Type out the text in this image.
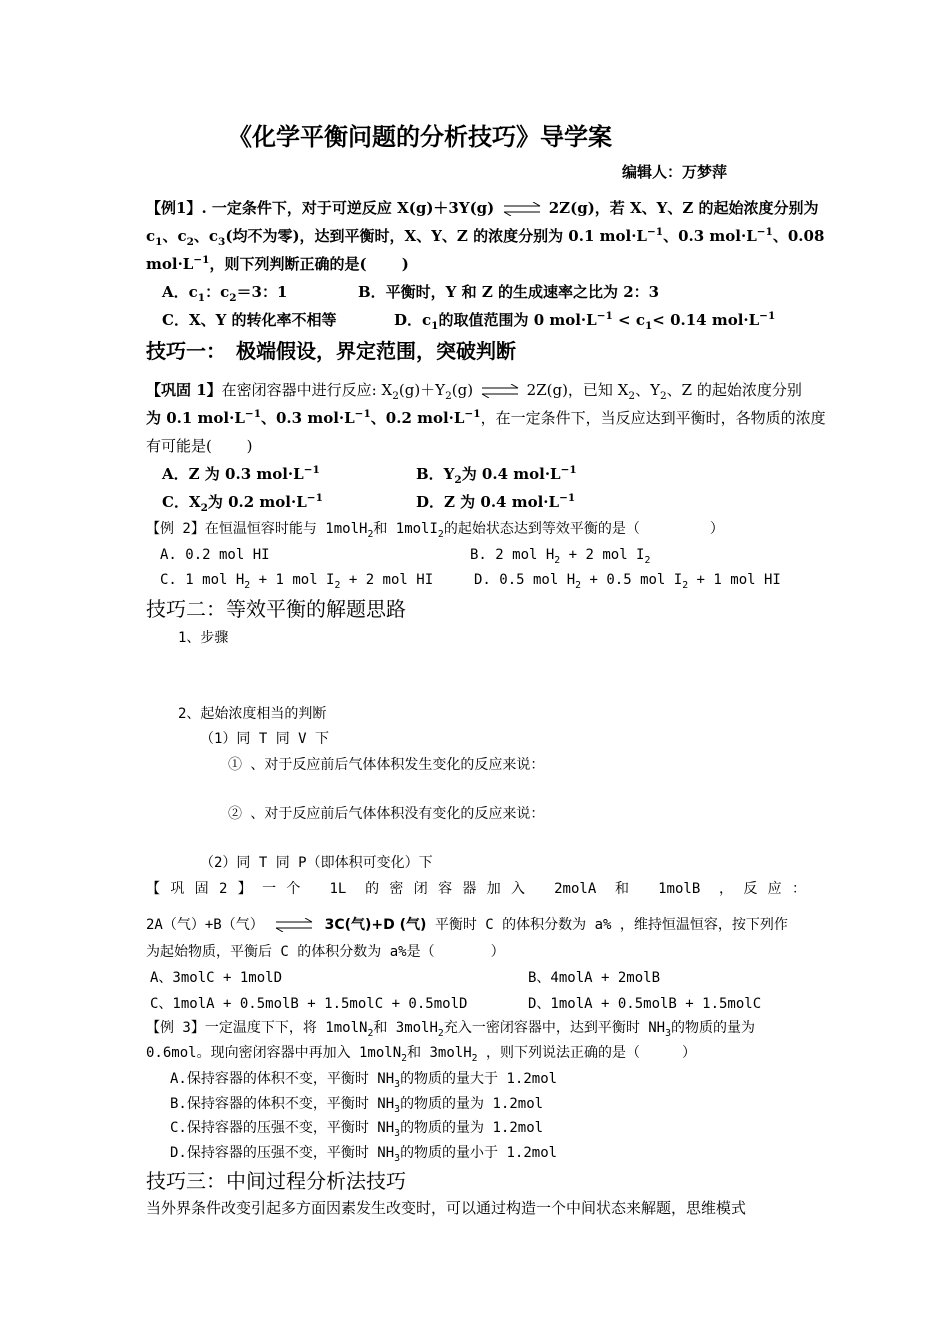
《化学平衡问题的分析技巧》导学案
编辑人：万梦萍
【例1】. 一定条件下，对于可逆反应 X(g)＋3Y(g) ⇌ 2Z(g)，若 X、Y、Z 的起始浓度分别为
$c_1$、$c_2$、$c_3$(均不为零)，达到平衡时，X、Y、Z 的浓度分别为 0.1 $mol\cdot L^{-1}$、0.3 $mol\cdot L^{-1}$、0.08
$mol\cdot L^{-1}$，则下列判断正确的是(　　 )
A．$c_1$：$c_2=3$：1	B．平衡时，Y 和 Z 的生成速率之比为 2：3
C．X、Y 的转化率不相等	D．$c_1$的取值范围为 0 $mol\cdot L^{-1} < c_1< 0.14$ $mol\cdot L^{-1}$
技巧一：　极端假设，界定范围，突破判断
【巩固 1】在密闭容器中进行反应: $X_2(g)+Y_2(g)$ ⇌ 2Z(g)，已知 $X_2$、$Y_2$、Z 的起始浓度分别
为 0.1 $mol\cdot L^{-1}$、0.3 $mol\cdot L^{-1}$、0.2 $mol\cdot L^{-1}$，在一定条件下，当反应达到平衡时，各物质的浓度
有可能是(　　 )
A．Z 为 0.3 $mol\cdot L^{-1}$	B．$Y_2$为 0.4 $mol\cdot L^{-1}$
C．$X_2$为 0.2 $mol\cdot L^{-1}$	D．Z 为 0.4 $mol\cdot L^{-1}$
【例 2】在恒温恒容时能与 1molH$_2$和 1molI$_2$的起始状态达到等效平衡的是（　　　　　）
A. 0.2 mol HI	B. 2 mol $H_2 + 2$ mol $I_2$
C. 1 mol $H_2 + 1$ mol $I_2 + 2$ mol HI	D. 0.5 mol $H_2 + 0.5$ mol $I_2 + 1$ mol HI
技巧二：等效平衡的解题思路
1、步骤
2、起始浓度相当的判断
（1）同 T 同 V 下
① 、对于反应前后气体体积发生变化的反应来说：
② 、对于反应前后气体体积没有变化的反应来说：
（2）同 T 同 P（即体积可变化）下
【巩固2】一个 1L 的密闭容器加入 2molA 和 1molB ，反应：
2A（气）+B（气） ⇌ 3C(气)+D (气) 平衡时 C 的体积分数为 a% ，维持恒温恒容，按下列作
为起始物质，平衡后 C 的体积分数为 a%是（　　　　）
A、3molC + 1molD	B、4molA + 2molB
C、1molA + 0.5molB + 1.5molC + 0.5molD	D、1molA + 0.5molB + 1.5molC
【例 3】一定温度下下，将 1molN$_2$和 3molH$_2$充入一密闭容器中，达到平衡时 $NH_3$的物质的量为
0.6mol。现向密闭容器中再加入 1molN$_2$和 3molH$_2$ ，则下列说法正确的是（　　　）
A.保持容器的体积不变，平衡时 $NH_3$的物质的量大于 1.2mol
B.保持容器的体积不变，平衡时 $NH_3$的物质的量为 1.2mol
C.保持容器的压强不变，平衡时 $NH_3$的物质的量为 1.2mol
D.保持容器的压强不变，平衡时 $NH_3$的物质的量小于 1.2mol
技巧三：中间过程分析法技巧
当外界条件改变引起多方面因素发生改变时，可以通过构造一个中间状态来解题，思维模式
